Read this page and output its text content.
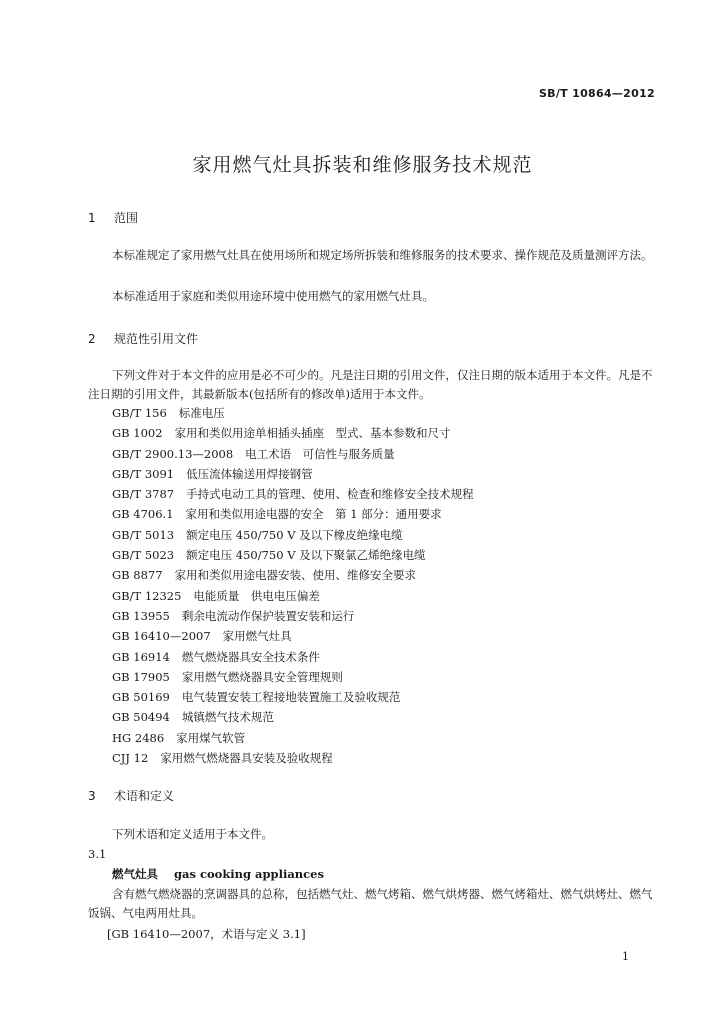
SB/T 10864—2012
家用燃气灶具拆装和维修服务技术规范
1 范围
本标准规定了家用燃气灶具在使用场所和规定场所拆装和维修服务的技术要求、操作规范及质量测评方法。
本标准适用于家庭和类似用途环境中使用燃气的家用燃气灶具。
2 规范性引用文件
下列文件对于本文件的应用是必不可少的。凡是注日期的引用文件，仅注日期的版本适用于本文件。凡是不注日期的引用文件，其最新版本(包括所有的修改单)适用于本文件。
GB/T 156 标准电压
GB 1002 家用和类似用途单相插头插座　型式、基本参数和尺寸
GB/T 2900.13—2008 电工术语　可信性与服务质量
GB/T 3091 低压流体输送用焊接钢管
GB/T 3787 手持式电动工具的管理、使用、检查和维修安全技术规程
GB 4706.1 家用和类似用途电器的安全　第 1 部分：通用要求
GB/T 5013 额定电压 450/750 V 及以下橡皮绝缘电缆
GB/T 5023 额定电压 450/750 V 及以下聚氯乙烯绝缘电缆
GB 8877 家用和类似用途电器安装、使用、维修安全要求
GB/T 12325 电能质量　供电电压偏差
GB 13955 剩余电流动作保护装置安装和运行
GB 16410—2007 家用燃气灶具
GB 16914 燃气燃烧器具安全技术条件
GB 17905 家用燃气燃烧器具安全管理规则
GB 50169 电气装置安装工程接地装置施工及验收规范
GB 50494 城镇燃气技术规范
HG 2486 家用煤气软管
CJJ 12 家用燃气燃烧器具安装及验收规程
3 术语和定义
下列术语和定义适用于本文件。
3.1
燃气灶具 gas cooking appliances
含有燃气燃烧器的烹调器具的总称，包括燃气灶、燃气烤箱、燃气烘烤器、燃气烤箱灶、燃气烘烤灶、燃气饭锅、气电两用灶具。
[GB 16410—2007，术语与定义 3.1]
1
